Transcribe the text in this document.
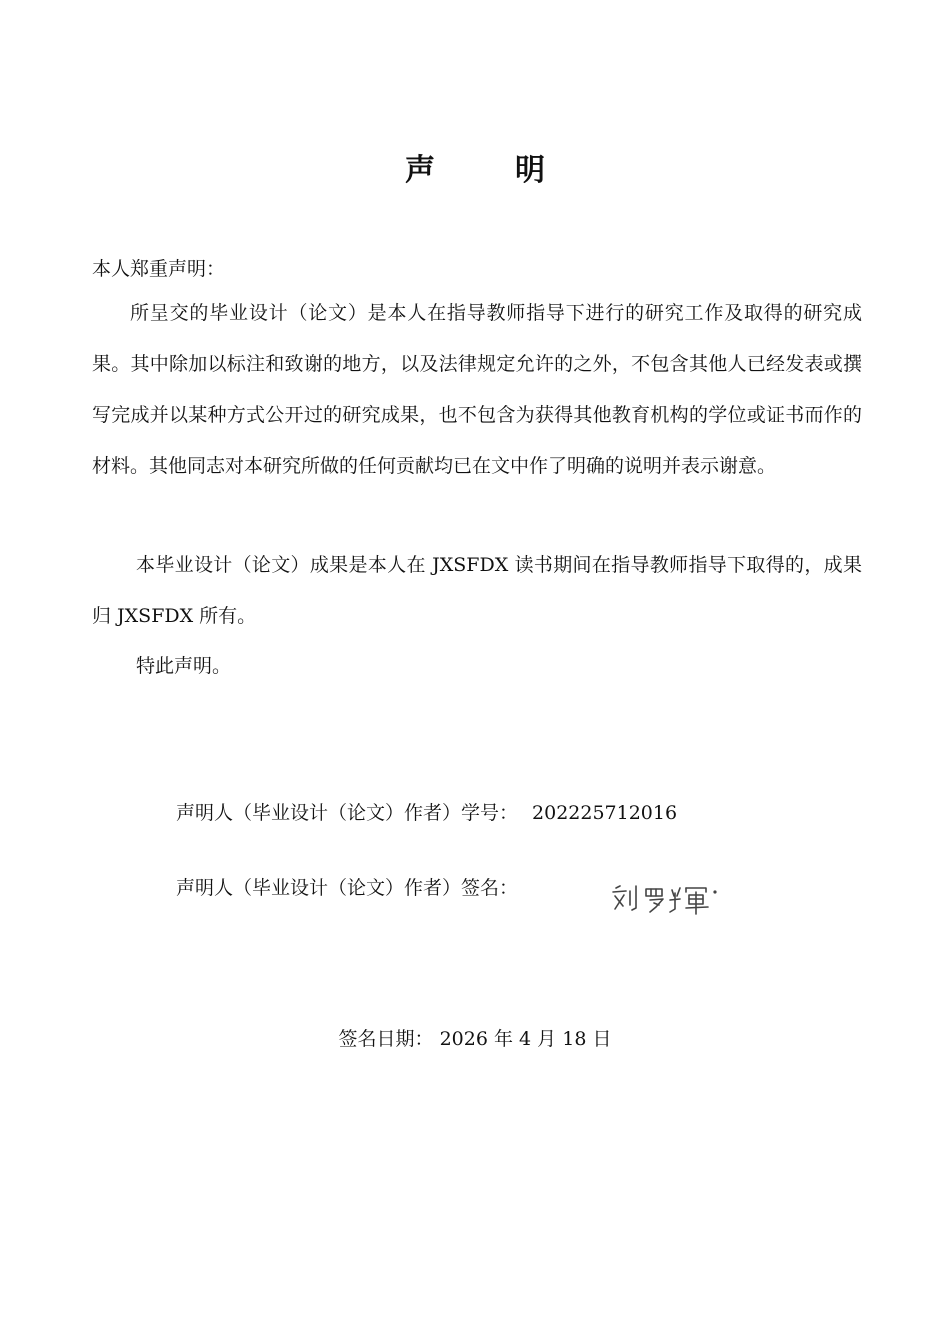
声	明
本人郑重声明：
所呈交的毕业设计（论文）是本人在指导教师指导下进行的研究工作及取得的研究成果。其中除加以标注和致谢的地方，以及法律规定允许的之外，不包含其他人已经发表或撰写完成并以某种方式公开过的研究成果，也不包含为获得其他教育机构的学位或证书而作的材料。其他同志对本研究所做的任何贡献均已在文中作了明确的说明并表示谢意。
本毕业设计（论文）成果是本人在 JXSFDX 读书期间在指导教师指导下取得的，成果归 JXSFDX 所有。
特此声明。
声明人（毕业设计（论文）作者）学号： 202225712016
声明人（毕业设计（论文）作者）签名：
签名日期： 2026 年 4 月 18 日
